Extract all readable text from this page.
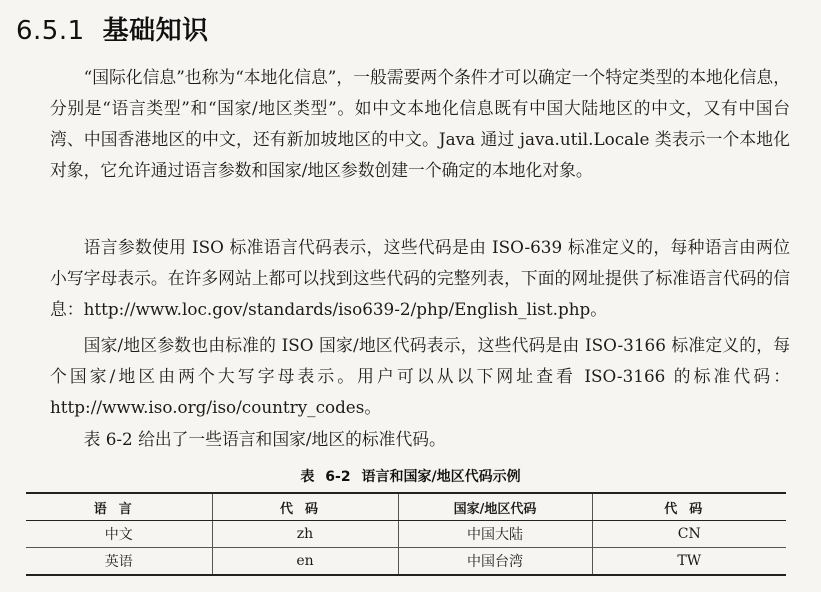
6.5.1 基础知识

“国际化信息”也称为“本地化信息”，一般需要两个条件才可以确定一个特定类型的本地化信息，分别是“语言类型”和“国家/地区类型”。如中文本地化信息既有中国大陆地区的中文，又有中国台湾、中国香港地区的中文，还有新加坡地区的中文。Java 通过 java.util.Locale 类表示一个本地化对象，它允许通过语言参数和国家/地区参数创建一个确定的本地化对象。

语言参数使用 ISO 标准语言代码表示，这些代码是由 ISO-639 标准定义的，每种语言由两位小写字母表示。在许多网站上都可以找到这些代码的完整列表，下面的网址提供了标准语言代码的信息：http://www.loc.gov/standards/iso639-2/php/English_list.php。

国家/地区参数也由标准的 ISO 国家/地区代码表示，这些代码是由 ISO-3166 标准定义的，每个国家/地区由两个大写字母表示。用户可以从以下网址查看 ISO-3166 的标准代码：http://www.iso.org/iso/country_codes。

表 6-2 给出了一些语言和国家/地区的标准代码。

表 6-2 语言和国家/地区代码示例
语言	代码	国家/地区代码	代码
中文	zh	中国大陆	CN
英语	en	中国台湾	TW
